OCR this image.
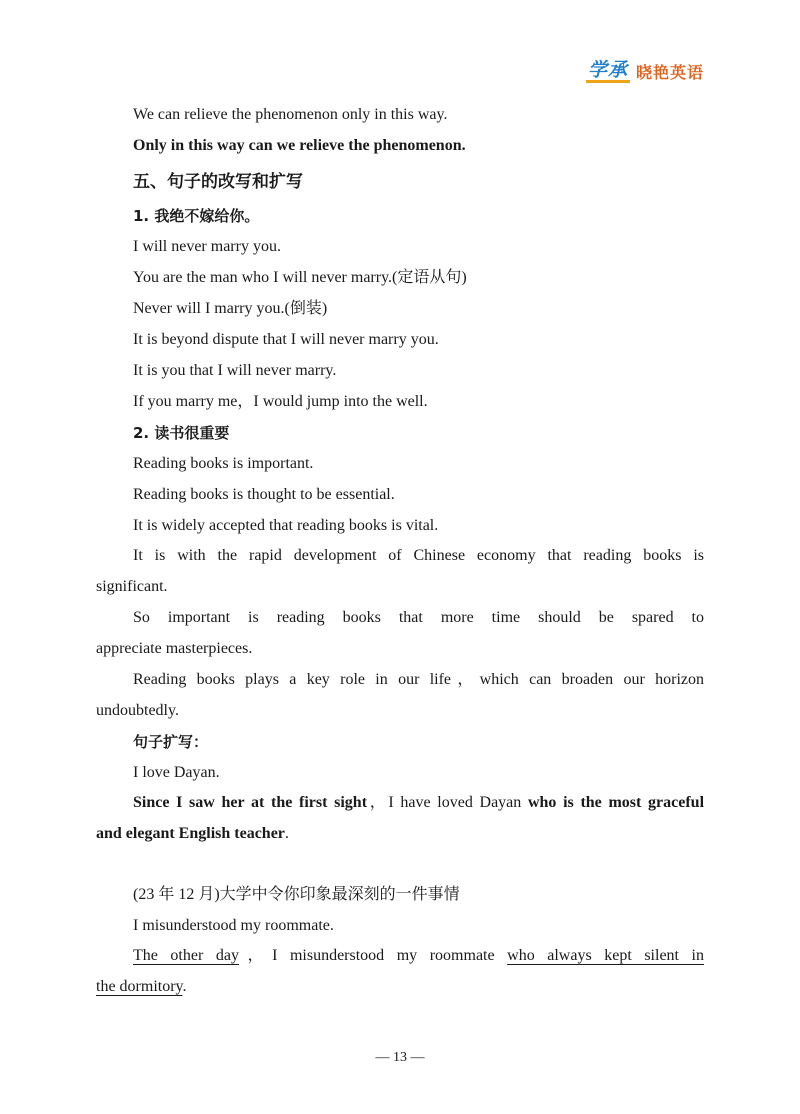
学承 晓艳英语
We can relieve the phenomenon only in this way.
Only in this way can we relieve the phenomenon.
五、句子的改写和扩写
1. 我绝不嫁给你。
I will never marry you.
You are the man who I will never marry.(定语从句)
Never will I marry you.(倒装)
It is beyond dispute that I will never marry you.
It is you that I will never marry.
If you marry me，I would jump into the well.
2. 读书很重要
Reading books is important.
Reading books is thought to be essential.
It is widely accepted that reading books is vital.
It is with the rapid development of Chinese economy that reading books is
significant.
So important is reading books that more time should be spared to
appreciate masterpieces.
Reading books plays a key role in our life，which can broaden our horizon
undoubtedly.
句子扩写：
I love Dayan.
Since I saw her at the first sight，I have loved Dayan who is the most graceful
and elegant English teacher.
(23 年 12 月)大学中令你印象最深刻的一件事情
I misunderstood my roommate.
The other day，I misunderstood my roommate who always kept silent in
the dormitory.
— 13 —
